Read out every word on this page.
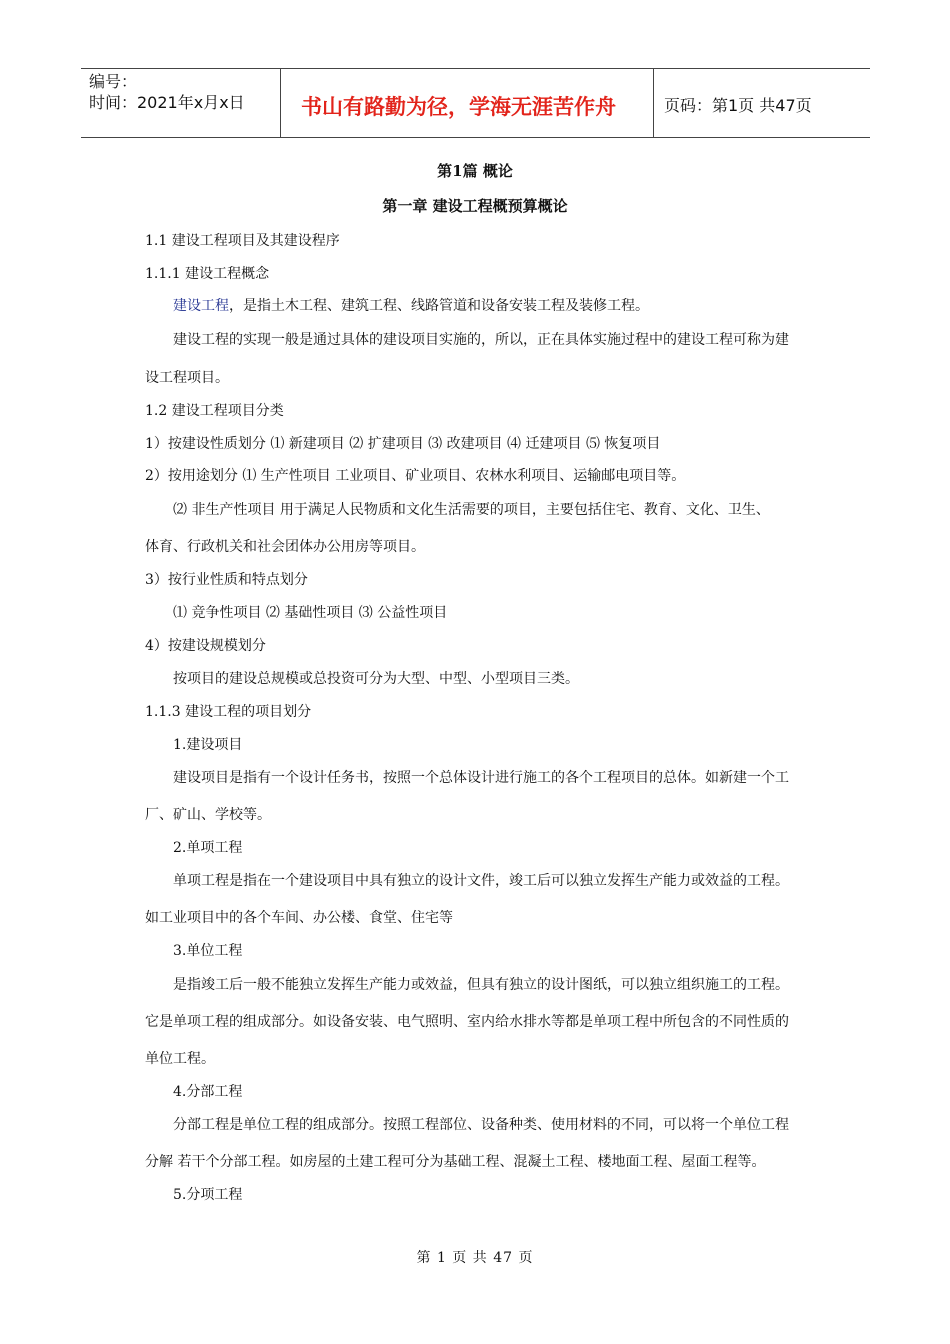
编号：
时间：2021年x月x日	书山有路勤为径，学海无涯苦作舟	页码：第1页 共47页
第1篇 概论
第一章 建设工程概预算概论
1.1 建设工程项目及其建设程序
1.1.1 建设工程概念
建设工程，是指土木工程、建筑工程、线路管道和设备安装工程及装修工程。
建设工程的实现一般是通过具体的建设项目实施的，所以，正在具体实施过程中的建设工程可称为建
设工程项目。
1.2 建设工程项目分类
1）按建设性质划分 ⑴ 新建项目 ⑵ 扩建项目 ⑶ 改建项目 ⑷ 迁建项目 ⑸ 恢复项目
2）按用途划分 ⑴ 生产性项目 工业项目、矿业项目、农林水利项目、运输邮电项目等。
⑵ 非生产性项目 用于满足人民物质和文化生活需要的项目，主要包括住宅、教育、文化、卫生、
体育、行政机关和社会团体办公用房等项目。
3）按行业性质和特点划分
⑴ 竞争性项目 ⑵ 基础性项目 ⑶ 公益性项目
4）按建设规模划分
按项目的建设总规模或总投资可分为大型、中型、小型项目三类。
1.1.3 建设工程的项目划分
1.建设项目
建设项目是指有一个设计任务书，按照一个总体设计进行施工的各个工程项目的总体。如新建一个工
厂、矿山、学校等。
2.单项工程
单项工程是指在一个建设项目中具有独立的设计文件，竣工后可以独立发挥生产能力或效益的工程。
如工业项目中的各个车间、办公楼、食堂、住宅等
3.单位工程
是指竣工后一般不能独立发挥生产能力或效益，但具有独立的设计图纸，可以独立组织施工的工程。
它是单项工程的组成部分。如设备安装、电气照明、室内给水排水等都是单项工程中所包含的不同性质的
单位工程。
4.分部工程
分部工程是单位工程的组成部分。按照工程部位、设备种类、使用材料的不同，可以将一个单位工程
分解 若干个分部工程。如房屋的土建工程可分为基础工程、混凝土工程、楼地面工程、屋面工程等。
5.分项工程
第 1 页 共 47 页
